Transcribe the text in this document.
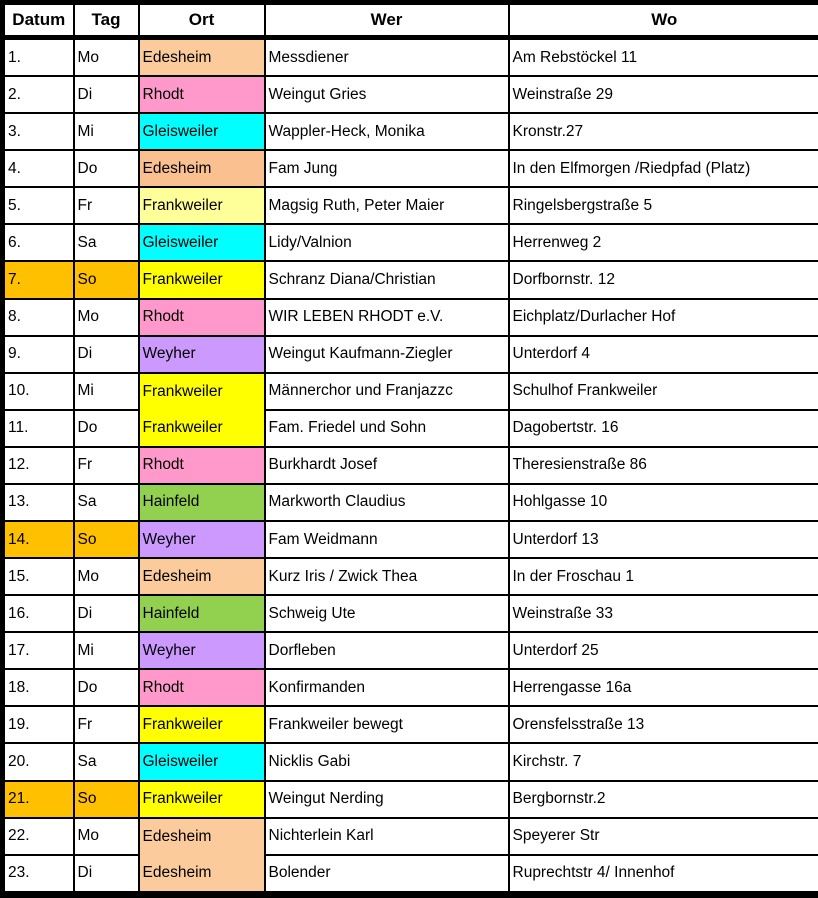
Datum	Tag	Ort	Wer	Wo
1.	Mo	Edesheim	Messdiener	Am Rebstöckel 11
2.	Di	Rhodt	Weingut Gries	Weinstraße 29
3.	Mi	Gleisweiler	Wappler-Heck, Monika	Kronstr.27
4.	Do	Edesheim	Fam Jung	In den Elfmorgen /Riedpfad (Platz)
5.	Fr	Frankweiler	Magsig Ruth, Peter Maier	Ringelsbergstraße 5
6.	Sa	Gleisweiler	Lidy/Valnion	Herrenweg 2
7.	So	Frankweiler	Schranz Diana/Christian	Dorfbornstr. 12
8.	Mo	Rhodt	WIR LEBEN RHODT e.V.	Eichplatz/Durlacher Hof
9.	Di	Weyher	Weingut Kaufmann-Ziegler	Unterdorf 4
10.	Mi	Frankweiler	Männerchor und Franjazzc	Schulhof Frankweiler
11.	Do	Frankweiler	Fam. Friedel und Sohn	Dagobertstr. 16
12.	Fr	Rhodt	Burkhardt Josef	Theresienstraße 86
13.	Sa	Hainfeld	Markworth Claudius	Hohlgasse 10
14.	So	Weyher	Fam Weidmann	Unterdorf 13
15.	Mo	Edesheim	Kurz Iris / Zwick Thea	In der Froschau 1
16.	Di	Hainfeld	Schweig Ute	Weinstraße 33
17.	Mi	Weyher	Dorfleben	Unterdorf 25
18.	Do	Rhodt	Konfirmanden	Herrengasse 16a
19.	Fr	Frankweiler	Frankweiler bewegt	Orensfelsstraße 13
20.	Sa	Gleisweiler	Nicklis Gabi	Kirchstr. 7
21.	So	Frankweiler	Weingut Nerding	Bergbornstr.2
22.	Mo	Edesheim	Nichterlein Karl	Speyerer Str
23.	Di	Edesheim	Bolender	Ruprechtstr 4/ Innenhof
